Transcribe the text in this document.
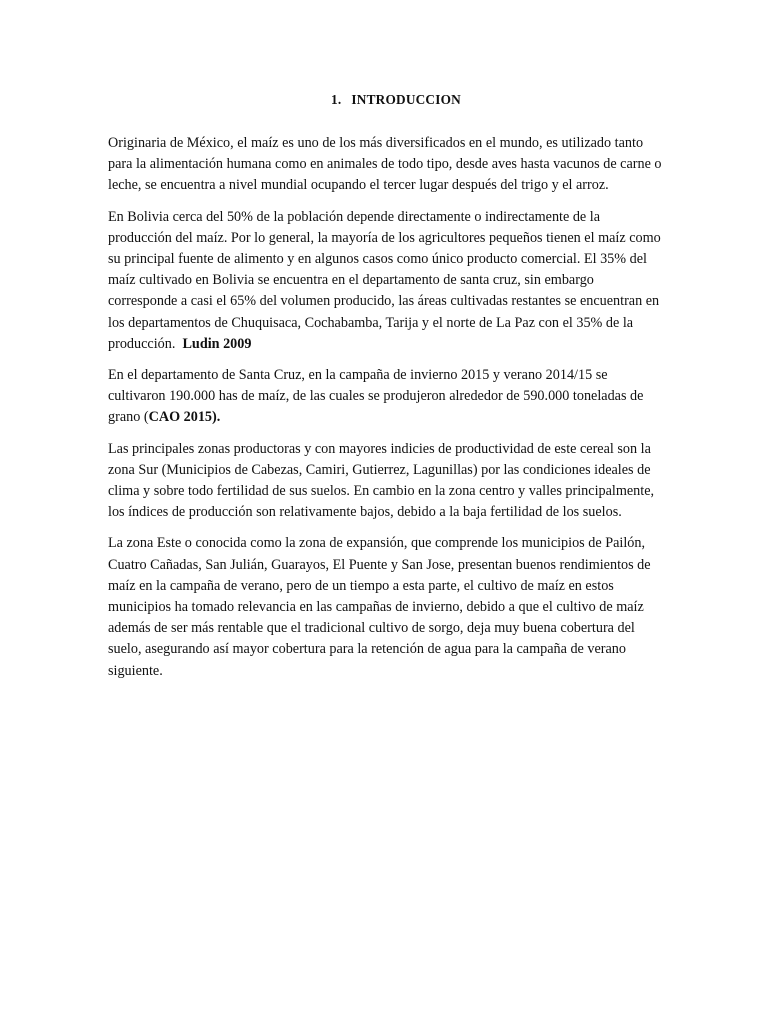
1. INTRODUCCION

Originaria de México, el maíz es uno de los más diversificados en el mundo, es utilizado tanto para la alimentación humana como en animales de todo tipo, desde aves hasta vacunos de carne o leche, se encuentra a nivel mundial ocupando el tercer lugar después del trigo y el arroz.

En Bolivia cerca del 50% de la población depende directamente o indirectamente de la producción del maíz. Por lo general, la mayoría de los agricultores pequeños tienen el maíz como su principal fuente de alimento y en algunos casos como único producto comercial. El 35% del maíz cultivado en Bolivia se encuentra en el departamento de santa cruz, sin embargo corresponde a casi el 65% del volumen producido, las áreas cultivadas restantes se encuentran en los departamentos de Chuquisaca, Cochabamba, Tarija y el norte de La Paz con el 35% de la producción. Ludin 2009

En el departamento de Santa Cruz, en la campaña de invierno 2015 y verano 2014/15 se cultivaron 190.000 has de maíz, de las cuales se produjeron alrededor de 590.000 toneladas de grano (CAO 2015).

Las principales zonas productoras y con mayores indicies de productividad de este cereal son la zona Sur (Municipios de Cabezas, Camiri, Gutierrez, Lagunillas) por las condiciones ideales de clima y sobre todo fertilidad de sus suelos. En cambio en la zona centro y valles principalmente, los índices de producción son relativamente bajos, debido a la baja fertilidad de los suelos.

La zona Este o conocida como la zona de expansión, que comprende los municipios de Pailón, Cuatro Cañadas, San Julián, Guarayos, El Puente y San Jose, presentan buenos rendimientos de maíz en la campaña de verano, pero de un tiempo a esta parte, el cultivo de maíz en estos municipios ha tomado relevancia en las campañas de invierno, debido a que el cultivo de maíz además de ser más rentable que el tradicional cultivo de sorgo, deja muy buena cobertura del suelo, asegurando así mayor cobertura para la retención de agua para la campaña de verano siguiente.
